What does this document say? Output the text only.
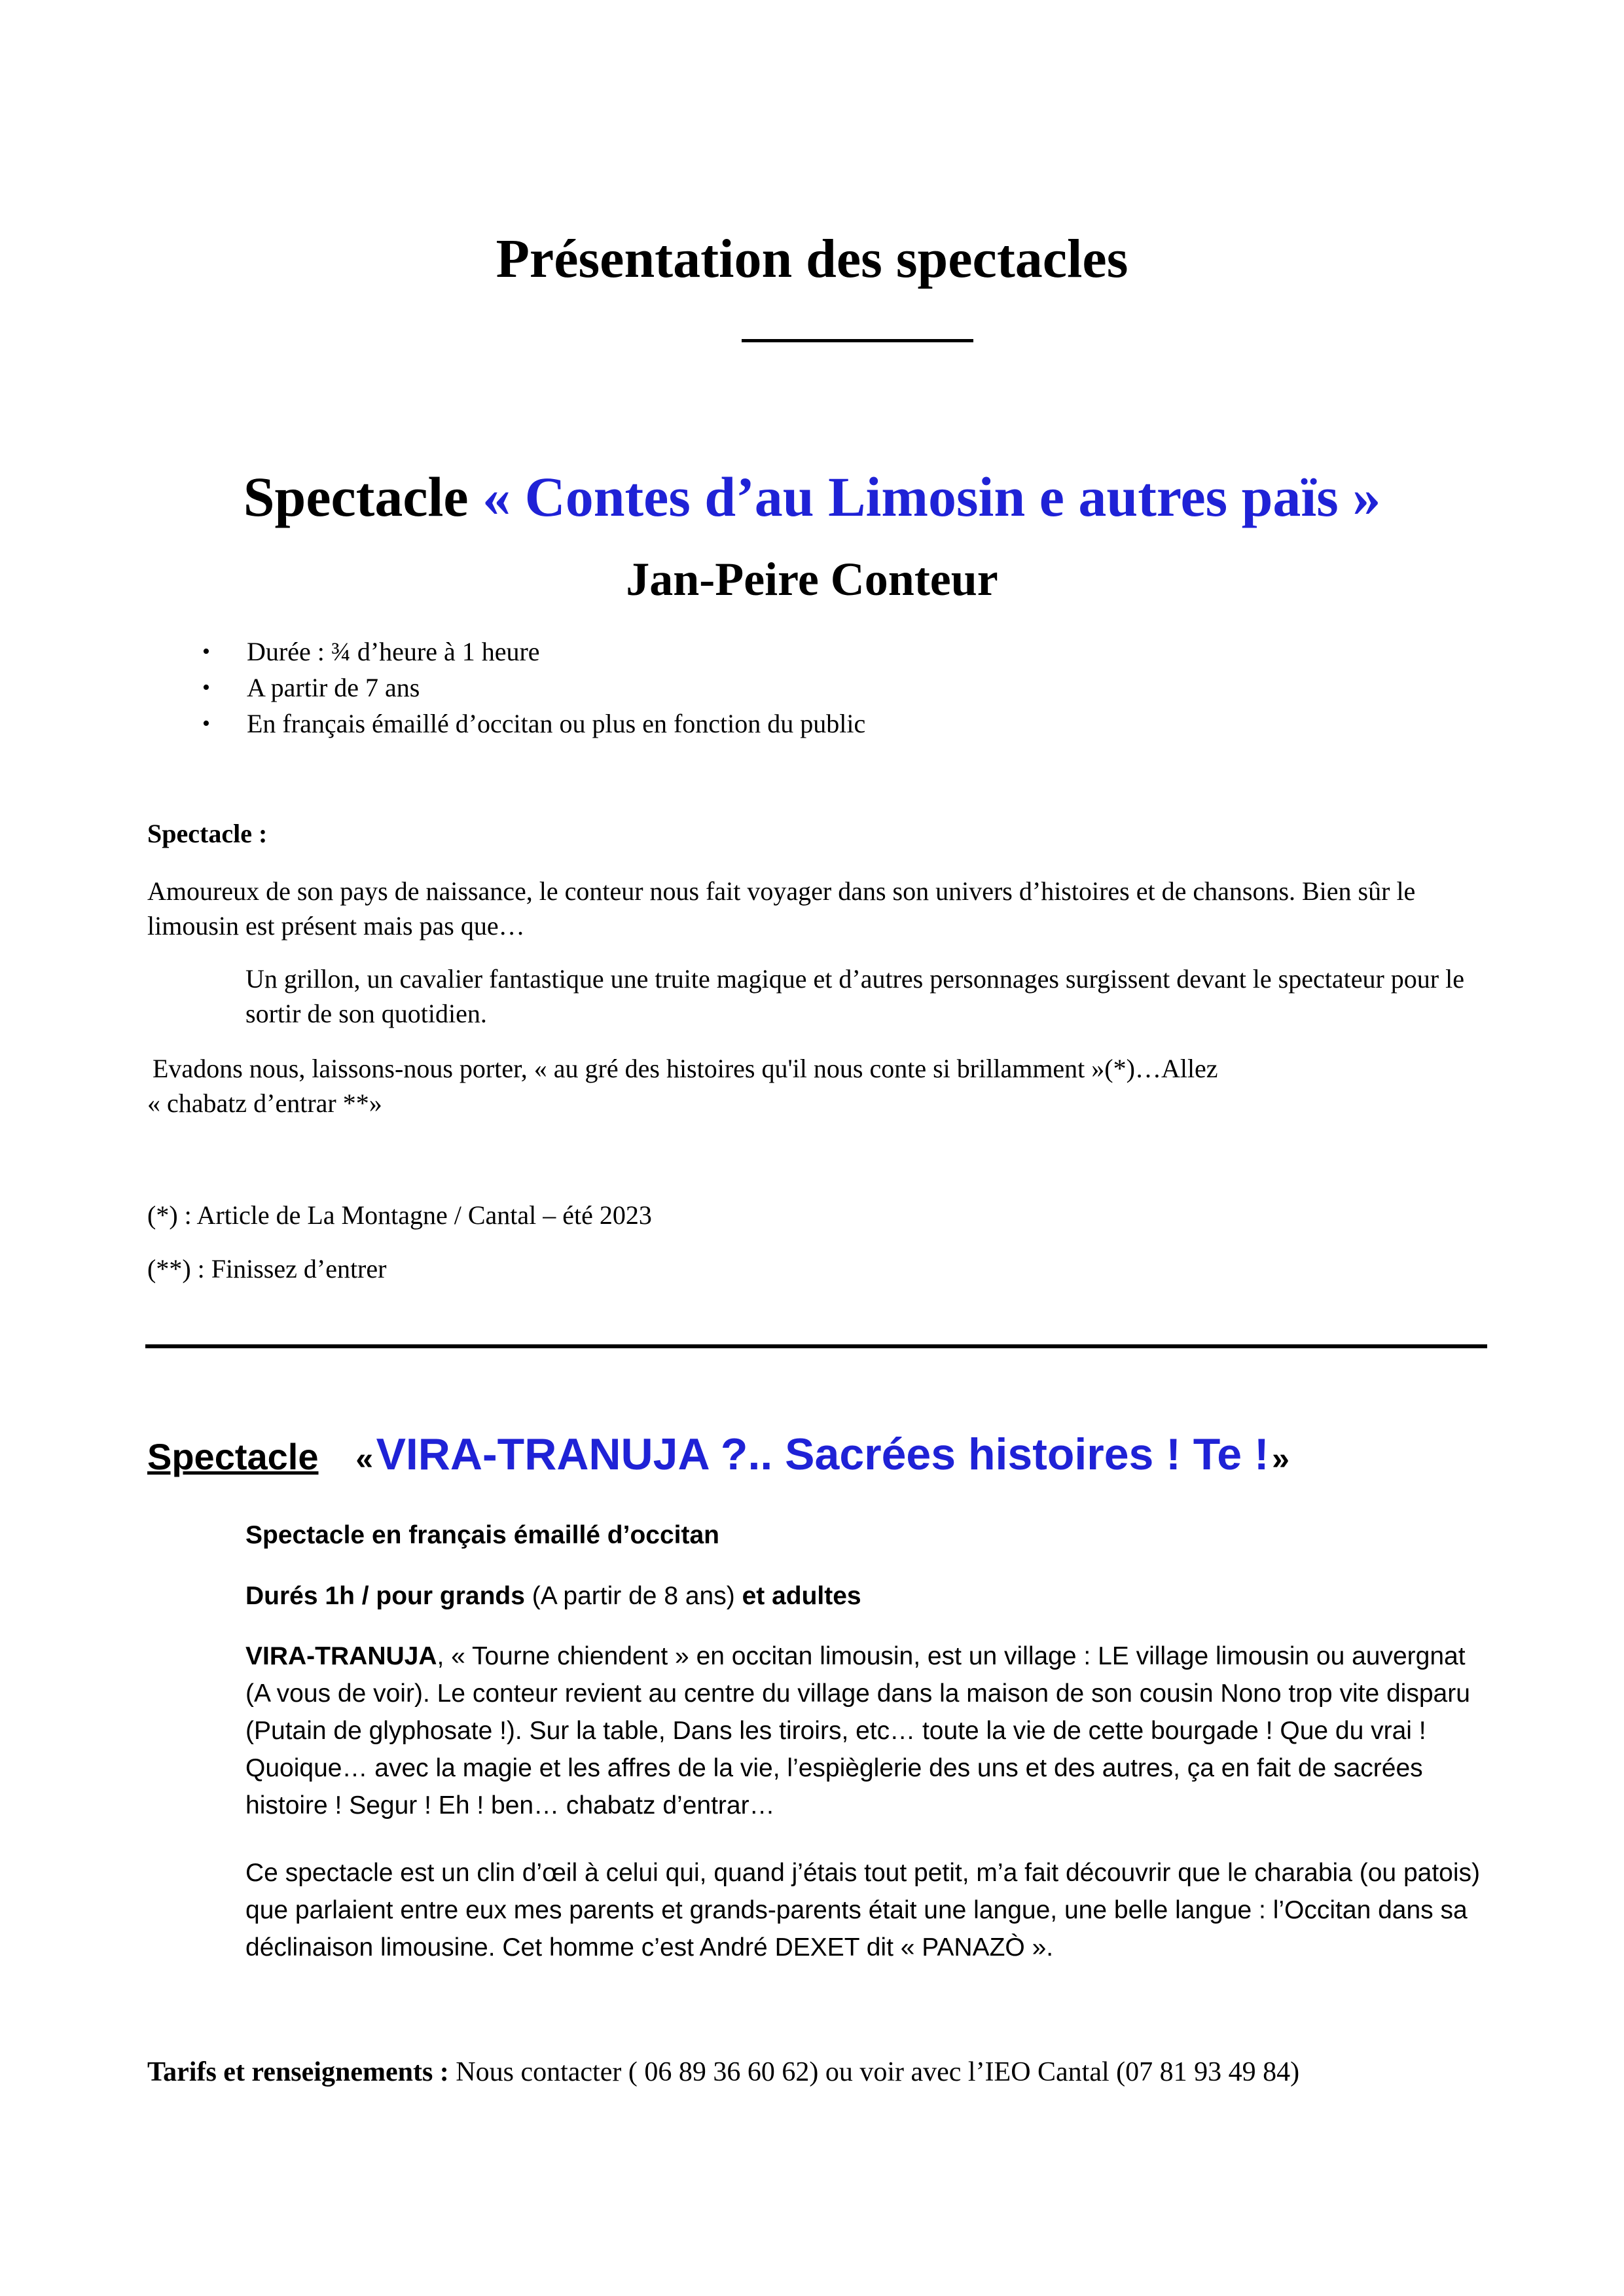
Présentation des spectacles
Spectacle « Contes d’au Limosin e autres païs »
Jan-Peire Conteur
• Durée : ¾ d’heure à 1 heure
• A partir de 7 ans
• En français émaillé d’occitan ou plus en fonction du public
Spectacle :

Amoureux de son pays de naissance, le conteur nous fait voyager dans son univers d’histoires et de chansons. Bien sûr le limousin est présent mais pas que…

Un grillon, un cavalier fantastique une truite magique et d’autres personnages surgissent devant le spectateur pour le sortir de son quotidien.

Evadons nous, laissons-nous porter, « au gré des histoires qu'il nous conte si brillamment »(*)…Allez
« chabatz d’entrar **»
(*) : Article de La Montagne / Cantal – été 2023
(**) : Finissez d’entrer
Spectacle « VIRA-TRANUJA ?.. Sacrées histoires ! Te ! »
Spectacle en français émaillé d’occitan
Durés 1h / pour grands (A partir de 8 ans) et adultes

VIRA-TRANUJA, « Tourne chiendent » en occitan limousin, est un village : LE village limousin ou auvergnat (A vous de voir). Le conteur revient au centre du village dans la maison de son cousin Nono trop vite disparu (Putain de glyphosate !). Sur la table, Dans les tiroirs, etc… toute la vie de cette bourgade ! Que du vrai ! Quoique… avec la magie et les affres de la vie, l’espièglerie des uns et des autres, ça en fait de sacrées histoire ! Segur ! Eh ! ben… chabatz d’entrar…

Ce spectacle est un clin d’œil à celui qui, quand j’étais tout petit, m’a fait découvrir que le charabia (ou patois) que parlaient entre eux mes parents et grands-parents était une langue, une belle langue : l’Occitan dans sa déclinaison limousine. Cet homme c’est André DEXET dit « PANAZÒ ».

Tarifs et renseignements : Nous contacter ( 06 89 36 60 62) ou voir avec l’IEO Cantal (07 81 93 49 84)
